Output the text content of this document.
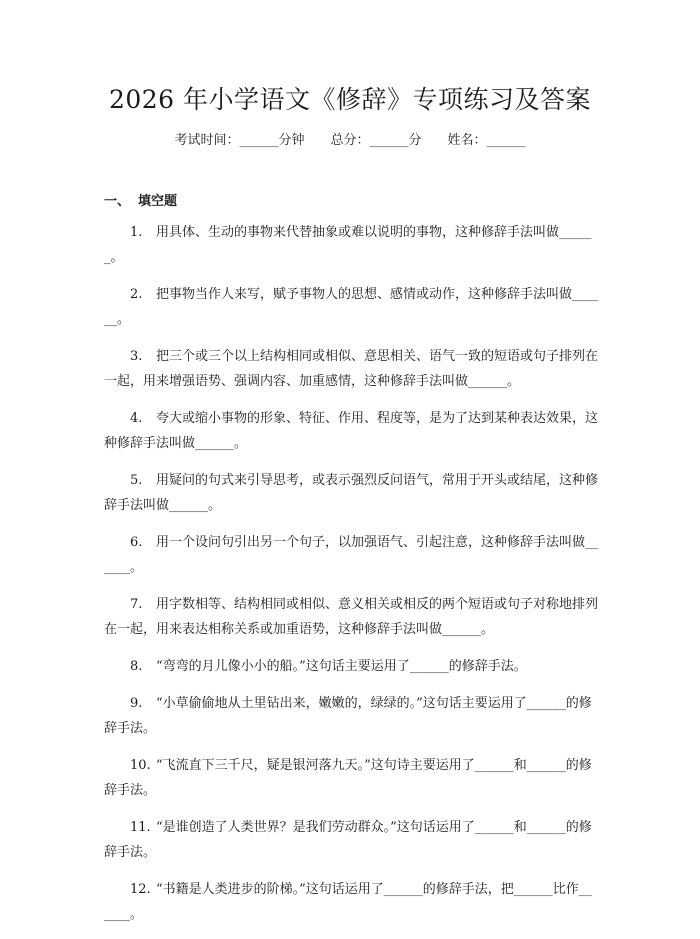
2026 年小学语文《修辞》专项练习及答案
考试时间：______分钟 总分：______分 姓名：______
一、 填空题

1. 用具体、生动的事物来代替抽象或难以说明的事物，这种修辞手法叫做______。

2. 把事物当作人来写，赋予事物人的思想、感情或动作，这种修辞手法叫做______。

3. 把三个或三个以上结构相同或相似、意思相关、语气一致的短语或句子排列在一起，用来增强语势、强调内容、加重感情，这种修辞手法叫做______。

4. 夸大或缩小事物的形象、特征、作用、程度等，是为了达到某种表达效果，这种修辞手法叫做______。

5. 用疑问的句式来引导思考，或表示强烈反问语气，常用于开头或结尾，这种修辞手法叫做______。

6. 用一个设问句引出另一个句子，以加强语气、引起注意，这种修辞手法叫做______。

7. 用字数相等、结构相同或相似、意义相关或相反的两个短语或句子对称地排列在一起，用来表达相称关系或加重语势，这种修辞手法叫做______。

8. “弯弯的月儿像小小的船。”这句话主要运用了______的修辞手法。

9. “小草偷偷地从土里钻出来，嫩嫩的，绿绿的。”这句话主要运用了______的修辞手法。

10. “飞流直下三千尺，疑是银河落九天。”这句诗主要运用了______和______的修辞手法。

11. “是谁创造了人类世界？是我们劳动群众。”这句话运用了______和______的修辞手法。

12. “书籍是人类进步的阶梯。”这句话运用了______的修辞手法，把______比作______。
